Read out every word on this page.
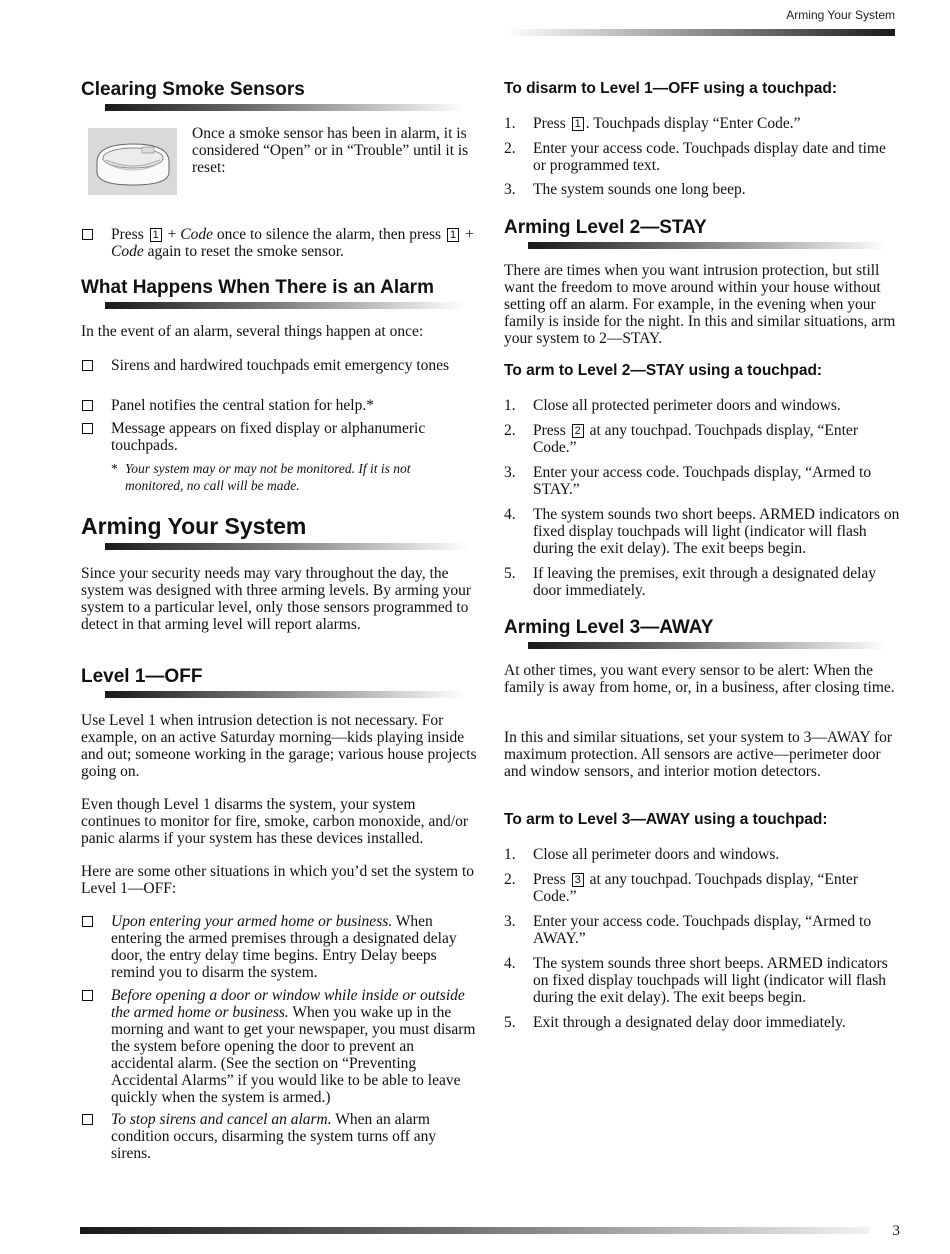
Arming Your System
3
Clearing Smoke Sensors
Once a smoke sensor has been in alarm, it is considered “Open” or in “Trouble” until it is reset:
Press 1 + Code once to silence the alarm, then press 1 + Code again to reset the smoke sensor.
What Happens When There is an Alarm
In the event of an alarm, several things happen at once:
Sirens and hardwired touchpads emit emergency tones
Panel notifies the central station for help.*
Message appears on fixed display or alphanumeric touchpads.
* Your system may or may not be monitored. If it is not monitored, no call will be made.
Arming Your System
Since your security needs may vary throughout the day, the system was designed with three arming levels. By arming your system to a particular level, only those sensors programmed to detect in that arming level will report alarms.
Level 1—OFF
Use Level 1 when intrusion detection is not necessary. For example, on an active Saturday morning—kids playing inside and out; someone working in the garage; various house projects going on.
Even though Level 1 disarms the system, your system continues to monitor for fire, smoke, carbon monoxide, and/or panic alarms if your system has these devices installed.
Here are some other situations in which you’d set the system to Level 1—OFF:
Upon entering your armed home or business. When entering the armed premises through a designated delay door, the entry delay time begins. Entry Delay beeps remind you to disarm the system.
Before opening a door or window while inside or outside the armed home or business. When you wake up in the morning and want to get your newspaper, you must disarm the system before opening the door to prevent an accidental alarm. (See the section on “Preventing Accidental Alarms” if you would like to be able to leave quickly when the system is armed.)
To stop sirens and cancel an alarm. When an alarm condition occurs, disarming the system turns off any sirens.
To disarm to Level 1—OFF using a touchpad:
1. Press 1 . Touchpads display “Enter Code.”
2. Enter your access code. Touchpads display date and time or programmed text.
3. The system sounds one long beep.
Arming Level 2—STAY
There are times when you want intrusion protection, but still want the freedom to move around within your house without setting off an alarm. For example, in the evening when your family is inside for the night. In this and similar situations, arm your system to 2—STAY.
To arm to Level 2—STAY using a touchpad:
1. Close all protected perimeter doors and windows.
2. Press 2 at any touchpad. Touchpads display, “Enter Code.”
3. Enter your access code. Touchpads display, “Armed to STAY.”
4. The system sounds two short beeps. ARMED indicators on fixed display touchpads will light (indicator will flash during the exit delay). The exit beeps begin.
5. If leaving the premises, exit through a designated delay door immediately.
Arming Level 3—AWAY
At other times, you want every sensor to be alert: When the family is away from home, or, in a business, after closing time.
In this and similar situations, set your system to 3—AWAY for maximum protection. All sensors are active—perimeter door and window sensors, and interior motion detectors.
To arm to Level 3—AWAY using a touchpad:
1. Close all perimeter doors and windows.
2. Press 3 at any touchpad. Touchpads display, “Enter Code.”
3. Enter your access code. Touchpads display, “Armed to AWAY.”
4. The system sounds three short beeps. ARMED indicators on fixed display touchpads will light (indicator will flash during the exit delay). The exit beeps begin.
5. Exit through a designated delay door immediately.
